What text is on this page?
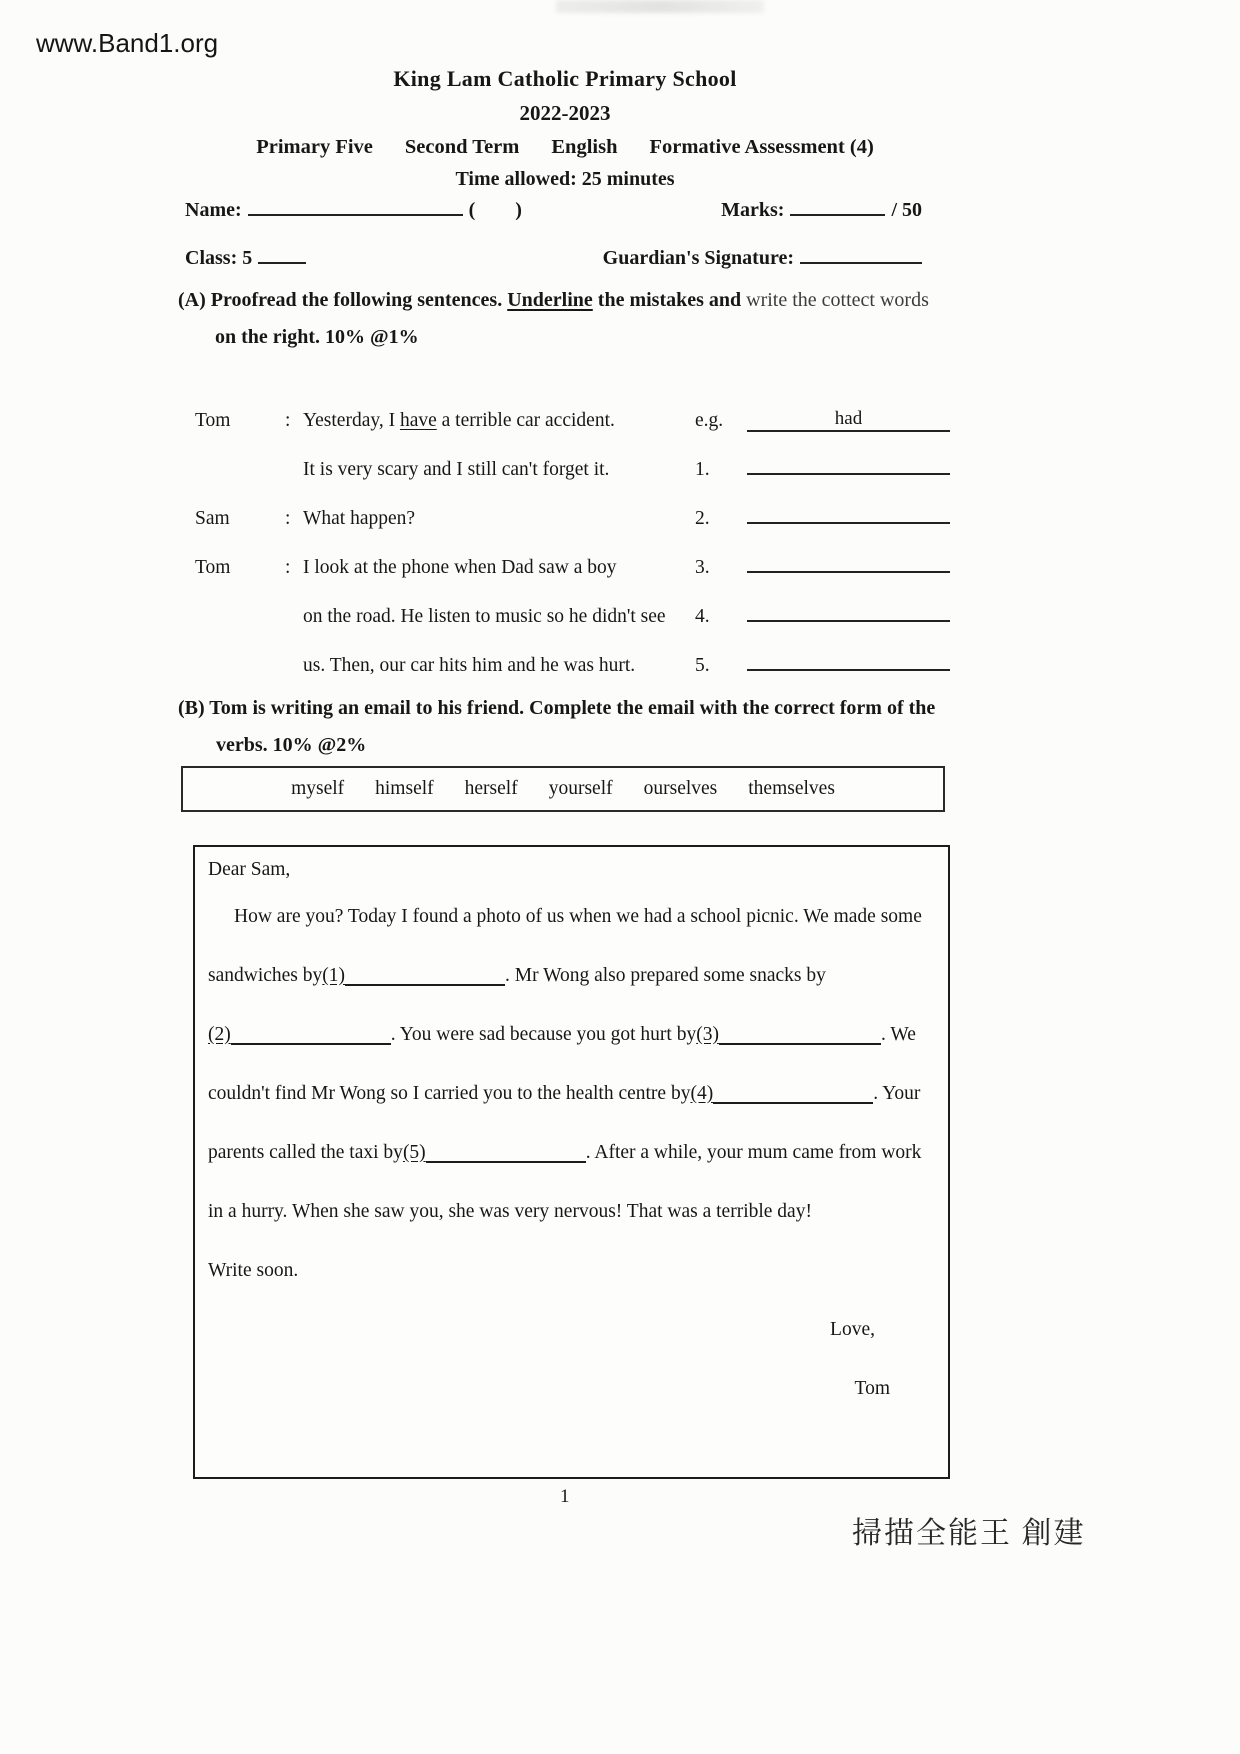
www.Band1.org
King Lam Catholic Primary School
2022-2023
Primary Five Second Term English Formative Assessment (4)
Time allowed: 25 minutes
Name:	(        )	Marks:	/ 50
Class: 5	Guardian's Signature:
(A) Proofread the following sentences. Underline the mistakes and write the cottect words
on the right. 10% @1%
Tom	: Yesterday, I have a terrible car accident.	e.g.	had
It is very scary and I still can't forget it.	1.
Sam	: What happen?	2.
Tom	: I look at the phone when Dad saw a boy	3.
on the road. He listen to music so he didn't see	4.
us. Then, our car hits him and he was hurt.	5.
(B) Tom is writing an email to his friend. Complete the email with the correct form of the
verbs. 10% @2%
myself himself herself yourself ourselves themselves
Dear Sam,
How are you? Today I found a photo of us when we had a school picnic. We made some
sandwiches by (1)	. Mr Wong also prepared some snacks by
(2)	. You were sad because you got hurt by (3)	. We
couldn't find Mr Wong so I carried you to the health centre by (4)	. Your
parents called the taxi by (5)	. After a while, your mum came from work
in a hurry. When she saw you, she was very nervous! That was a terrible day!
Write soon.
Love,
Tom
1
掃描全能王 創建
